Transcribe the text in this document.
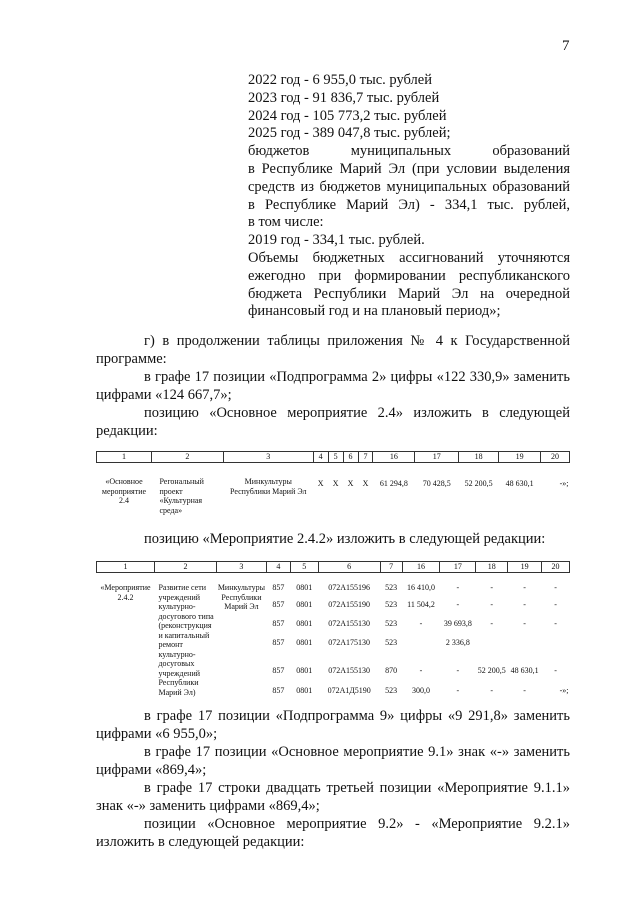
7
2022 год - 6 955,0 тыс. рублей
2023 год - 91 836,7 тыс. рублей
2024 год - 105 773,2 тыс. рублей
2025 год - 389 047,8 тыс. рублей;
бюджетов муниципальных образований
в Республике Марий Эл (при условии выделения
средств из бюджетов муниципальных образований
в Республике Марий Эл) - 334,1 тыс. рублей,
в том числе:
2019 год - 334,1 тыс. рублей.
Объемы бюджетных ассигнований уточняются
ежегодно при формировании республиканского
бюджета Республики Марий Эл на очередной
финансовый год и на плановый период»;
г) в продолжении таблицы приложения № 4 к Государственной программе:
в графе 17 позиции «Подпрограмма 2» цифры «122 330,9» заменить цифрами «124 667,7»;
позицию «Основное мероприятие 2.4» изложить в следующей редакции:
1	2	3	4	5	6	7	16	17	18	19	20
«Основное мероприятие 2.4	Регональный проект «Культурная среда»	Минкультуры Республики Марий Эл	X	X	X	X	61 294,8	70 428,5	52 200,5	48 630,1	-»;
позицию «Мероприятие 2.4.2» изложить в следующей редакции:
1	2	3	4	5	6	7	16	17	18	19	20
«Мероприятие 2.4.2	Развитие сети учреждений культурно-досугового типа (реконструкция и капитальный ремонт культурно-досуговых учреждений Республики Марий Эл)	Минкультуры Республики Марий Эл	857	0801	072A155196	523	16 410,0	-	-	-	-
			857	0801	072A155190	523	11 504,2	-	-	-	-
			857	0801	072A155130	523	-	39 693,8	-	-	-
			857	0801	072A175130	523		2 336,8			
			857	0801	072A155130	870	-	-	52 200,5	48 630,1	-
			857	0801	072A1Д5190	523	300,0	-	-	-	-»;
в графе 17 позиции «Подпрограмма 9» цифры «9 291,8» заменить цифрами «6 955,0»;
в графе 17 позиции «Основное мероприятие 9.1» знак «-» заменить цифрами «869,4»;
в графе 17 строки двадцать третьей позиции «Мероприятие 9.1.1» знак «-» заменить цифрами «869,4»;
позиции «Основное мероприятие 9.2» - «Мероприятие 9.2.1» изложить в следующей редакции:
